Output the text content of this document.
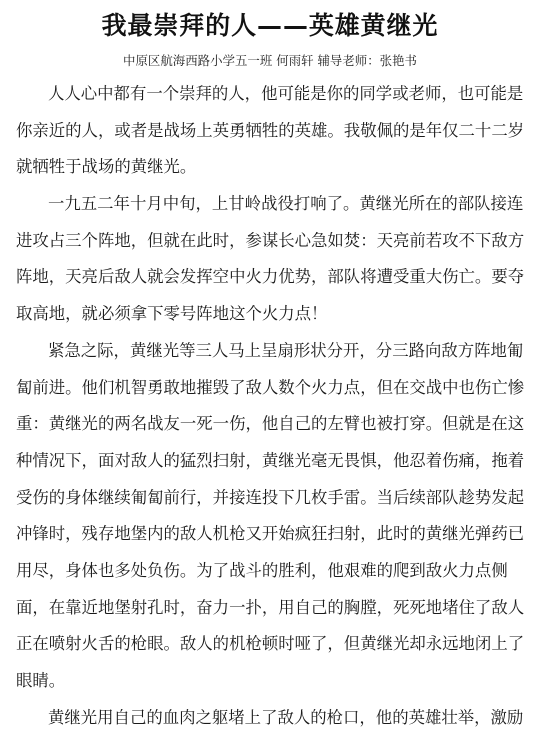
我最崇拜的人——英雄黄继光

中原区航海西路小学五一班 何雨轩 辅导老师：张艳书

人人心中都有一个崇拜的人，他可能是你的同学或老师，也可能是
你亲近的人，或者是战场上英勇牺牲的英雄。我敬佩的是年仅二十二岁
就牺牲于战场的黄继光。
一九五二年十月中旬，上甘岭战役打响了。黄继光所在的部队接连
进攻占三个阵地，但就在此时，参谋长心急如焚：天亮前若攻不下敌方
阵地，天亮后敌人就会发挥空中火力优势，部队将遭受重大伤亡。要夺
取高地，就必须拿下零号阵地这个火力点！
紧急之际，黄继光等三人马上呈扇形状分开，分三路向敌方阵地匍
匐前进。他们机智勇敢地摧毁了敌人数个火力点，但在交战中也伤亡惨
重：黄继光的两名战友一死一伤，他自己的左臂也被打穿。但就是在这
种情况下，面对敌人的猛烈扫射，黄继光毫无畏惧，他忍着伤痛，拖着
受伤的身体继续匍匐前行，并接连投下几枚手雷。当后续部队趁势发起
冲锋时，残存地堡内的敌人机枪又开始疯狂扫射，此时的黄继光弹药已
用尽，身体也多处负伤。为了战斗的胜利，他艰难的爬到敌火力点侧
面，在靠近地堡射孔时，奋力一扑，用自己的胸膛，死死地堵住了敌人
正在喷射火舌的枪眼。敌人的机枪顿时哑了，但黄继光却永远地闭上了
眼睛。
黄继光用自己的血肉之躯堵上了敌人的枪口，他的英雄壮举，激励
